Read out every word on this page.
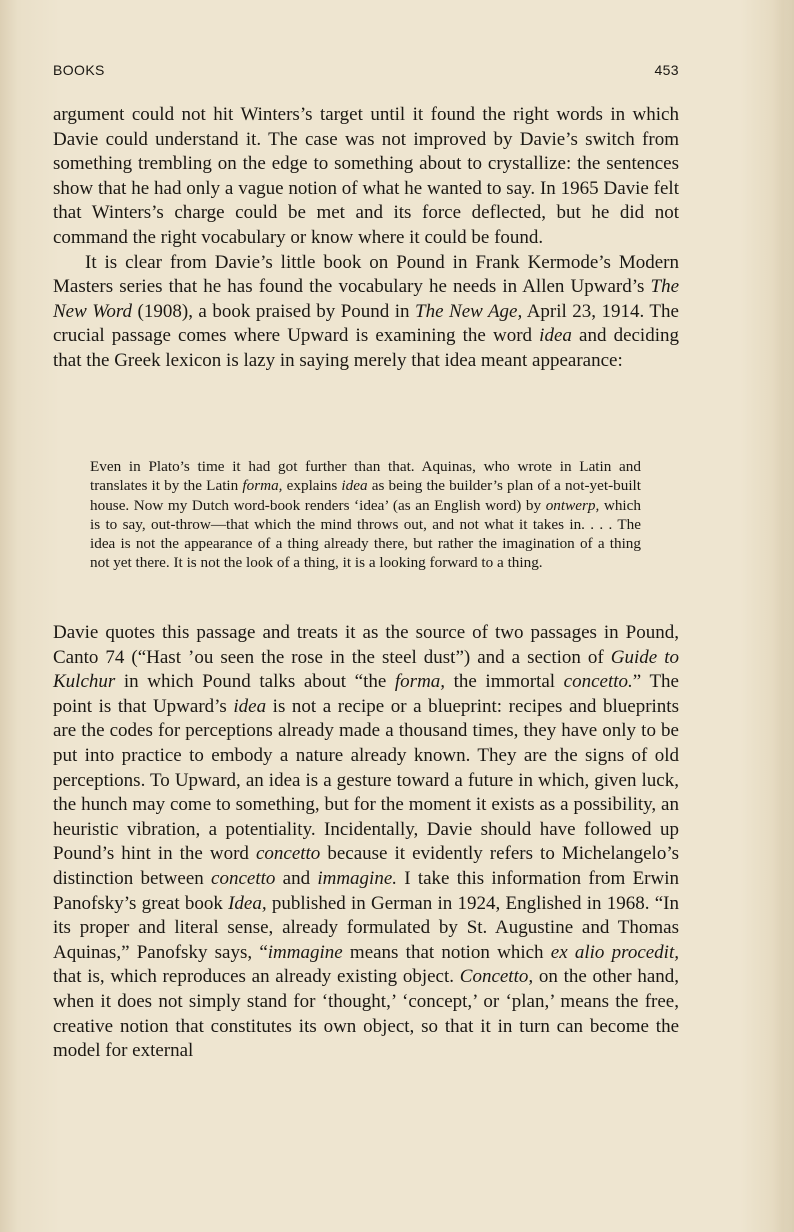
BOOKS	453

argument could not hit Winters’s target until it found the right words in which Davie could understand it. The case was not improved by Davie’s switch from something trembling on the edge to something about to crystallize: the sentences show that he had only a vague notion of what he wanted to say. In 1965 Davie felt that Winters’s charge could be met and its force deflected, but he did not command the right vocabulary or know where it could be found.

It is clear from Davie’s little book on Pound in Frank Kermode’s Modern Masters series that he has found the vocabulary he needs in Allen Upward’s The New Word (1908), a book praised by Pound in The New Age, April 23, 1914. The crucial passage comes where Upward is examining the word idea and deciding that the Greek lexicon is lazy in saying merely that idea meant appearance:

Even in Plato’s time it had got further than that. Aquinas, who wrote in Latin and translates it by the Latin forma, explains idea as being the builder’s plan of a not-yet-built house. Now my Dutch word-book renders ‘idea’ (as an English word) by ontwerp, which is to say, out-throw—that which the mind throws out, and not what it takes in. . . . The idea is not the appearance of a thing already there, but rather the imagination of a thing not yet there. It is not the look of a thing, it is a looking forward to a thing.

Davie quotes this passage and treats it as the source of two passages in Pound, Canto 74 (“Hast ’ou seen the rose in the steel dust”) and a section of Guide to Kulchur in which Pound talks about “the forma, the immortal concetto.” The point is that Upward’s idea is not a recipe or a blueprint: recipes and blueprints are the codes for perceptions already made a thousand times, they have only to be put into practice to embody a nature already known. They are the signs of old perceptions. To Upward, an idea is a gesture toward a future in which, given luck, the hunch may come to something, but for the moment it exists as a possibility, an heuristic vibration, a potentiality. Incidentally, Davie should have followed up Pound’s hint in the word concetto because it evidently refers to Michelangelo’s distinction between concetto and immagine. I take this information from Erwin Panofsky’s great book Idea, published in German in 1924, Englished in 1968. “In its proper and literal sense, already formulated by St. Augustine and Thomas Aquinas,” Panofsky says, “immagine means that notion which ex alio procedit, that is, which reproduces an already existing object. Concetto, on the other hand, when it does not simply stand for ‘thought,’ ‘concept,’ or ‘plan,’ means the free, creative notion that constitutes its own object, so that it in turn can become the model for external
